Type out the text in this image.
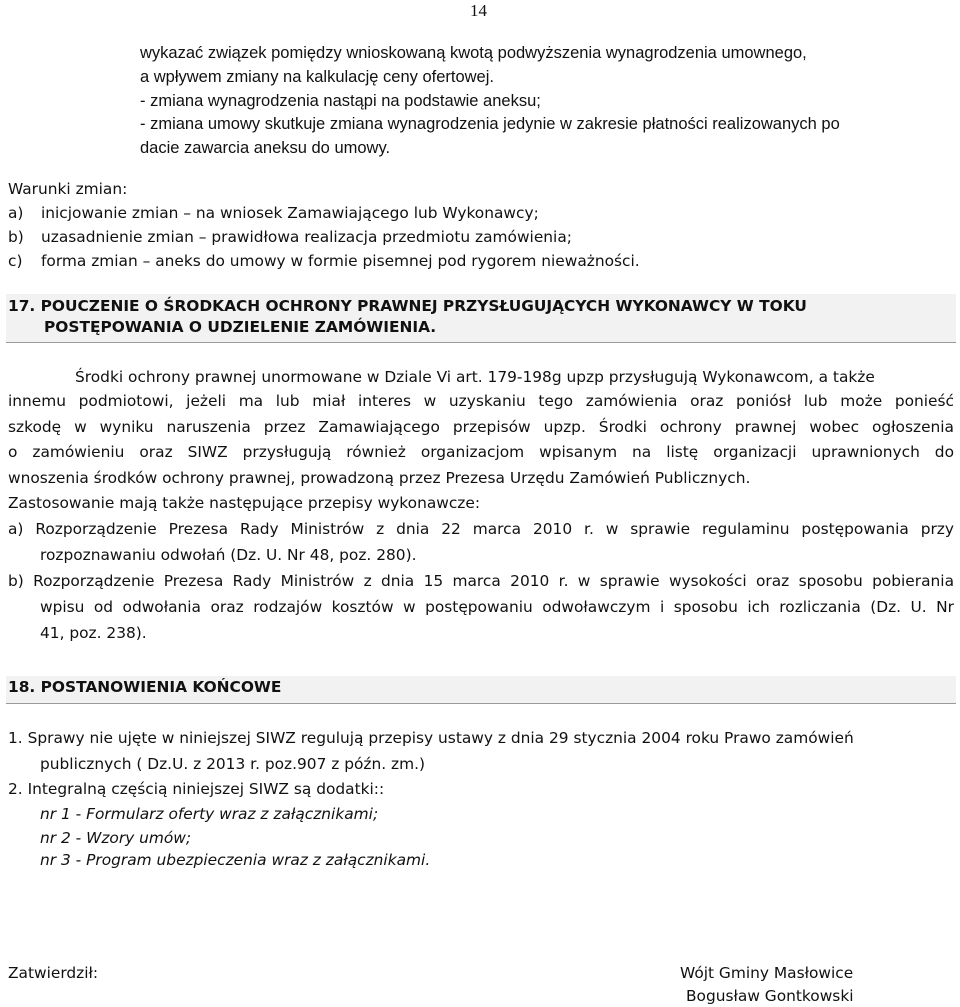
14
wykazać związek pomiędzy wnioskowaną kwotą podwyższenia wynagrodzenia umownego,
a wpływem zmiany na kalkulację ceny ofertowej.
- zmiana wynagrodzenia nastąpi na podstawie aneksu;
- zmiana umowy skutkuje zmiana wynagrodzenia jedynie w zakresie płatności realizowanych po
dacie zawarcia aneksu do umowy.
Warunki zmian:
a) inicjowanie zmian – na wniosek Zamawiającego lub Wykonawcy;
b) uzasadnienie zmian – prawidłowa realizacja przedmiotu zamówienia;
c) forma zmian – aneks do umowy w formie pisemnej pod rygorem nieważności.
17. POUCZENIE O ŚRODKACH OCHRONY PRAWNEJ PRZYSŁUGUJĄCYCH WYKONAWCY W TOKU
POSTĘPOWANIA O UDZIELENIE ZAMÓWIENIA.
Środki ochrony prawnej unormowane w Dziale Vi art. 179-198g upzp przysługują Wykonawcom, a także
innemu podmiotowi, jeżeli ma lub miał interes w uzyskaniu tego zamówienia oraz poniósł lub może ponieść
szkodę w wyniku naruszenia przez Zamawiającego przepisów upzp. Środki ochrony prawnej wobec ogłoszenia
o zamówieniu oraz SIWZ przysługują również organizacjom wpisanym na listę organizacji uprawnionych do
wnoszenia środków ochrony prawnej, prowadzoną przez Prezesa Urzędu Zamówień Publicznych.
Zastosowanie mają także następujące przepisy wykonawcze:
a) Rozporządzenie Prezesa Rady Ministrów z dnia 22 marca 2010 r. w sprawie regulaminu postępowania przy
rozpoznawaniu odwołań (Dz. U. Nr 48, poz. 280).
b) Rozporządzenie Prezesa Rady Ministrów z dnia 15 marca 2010 r. w sprawie wysokości oraz sposobu pobierania
wpisu od odwołania oraz rodzajów kosztów w postępowaniu odwoławczym i sposobu ich rozliczania (Dz. U. Nr
41, poz. 238).
18. POSTANOWIENIA KOŃCOWE
1. Sprawy nie ujęte w niniejszej SIWZ regulują przepisy ustawy z dnia 29 stycznia 2004 roku Prawo zamówień
publicznych ( Dz.U. z 2013 r. poz.907 z późn. zm.)
2. Integralną częścią niniejszej SIWZ są dodatki::
nr 1 - Formularz oferty wraz z załącznikami;
nr 2 - Wzory umów;
nr 3 - Program ubezpieczenia wraz z załącznikami.
Zatwierdził:	Wójt Gminy Masłowice
Bogusław Gontkowski
